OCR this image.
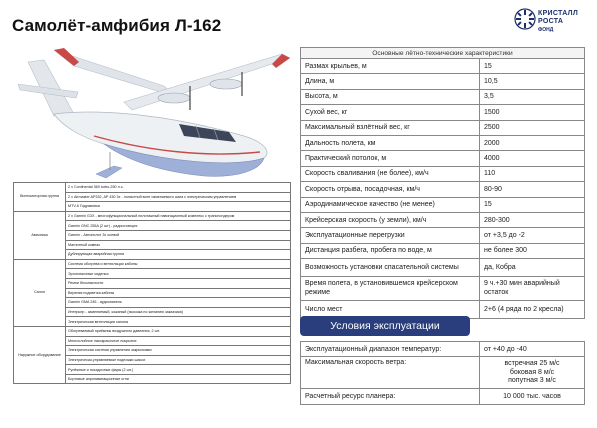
Самолёт-амфибия Л-162
КРИСТАЛЛ
РОСТА
ФОНД
Винтомоторная группа	2 х Continental 360 turbo-250 л.с.
	2 х Airmaster AP332, AP 430 3х - лопастной винт изменяемого шага с электрическим управлением
	MTV-6 Гидравлика
Авионика	2 х Garmin G3X - многофункциональный пилотажный навигационный комплекс с транспондером
	Garmin GNC 255A (2 шт) - радиостанция
	Garmin - Автопилот 3х осевой
	Магнитный компас
	Дублирующая аварийная группа
Салон	Система обогрева и вентиляции кабины
	Эргономичные сиденья
	Ремни безопасности
	Верхняя подсветка кабины
	Garmin GMA 245 - аудиопанель
	Интерьер - заменяемый, кожаный (экокожа по желанию заказчика)
	Электрическая вентиляция салона
Наружное оборудование	Обогреваемый приёмник воздушного давления, 2 шт.
	Многослойное лакокрасочное покрытие
	Электрическая система управления закрылками
	Электрически-управляемые подножки шасси
	Рулёжные и посадочные фары (2 шт.)
	Бортовые аэронавигационные огни
Основные лётно-технические характеристики	
Размах крыльев, м	15
Длина, м	10,5
Высота, м	3,5
Сухой вес, кг	1500
Максимальный взлётный вес, кг	2500
Дальность полета, км	2000
Практический потолок, м	4000
Скорость сваливания (не более), км/ч	110
Скорость отрыва, посадочная, км/ч	80-90
Аэродинамическое качество (не менее)	15
Крейсерская скорость (у земли), км/ч	280-300
Эксплуатационные перегрузки	от +3,5 до -2
Дистанция разбега, пробега по воде, м	не более 300
Возможность установки спасательной системы	да, Кобра
Время полета, в установившемся крейсерском режиме	9 ч.+30 мин аварийный остаток
Число мест	2+6 (4 ряда по 2 кресла)
Условия эксплуатации
Эксплуатационный диапазон температур:	от +40 до -40
Максимальная скорость ветра:	встречная 25 м/с
боковая 8 м/с
попутная 3 м/с

Расчетный ресурс планера:	10 000 тыс. часов
